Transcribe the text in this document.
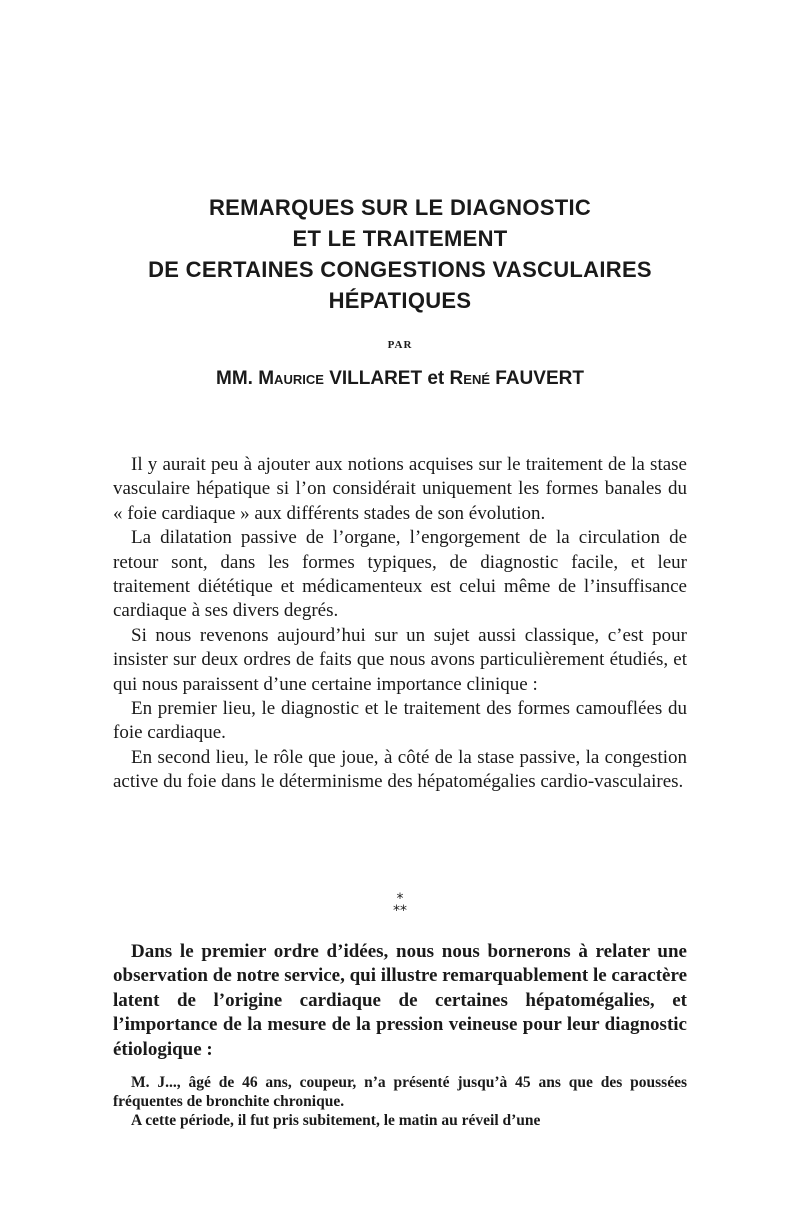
REMARQUES SUR LE DIAGNOSTIC
ET LE TRAITEMENT
DE CERTAINES CONGESTIONS VASCULAIRES
HÉPATIQUES
PAR
MM. Maurice VILLARET et René FAUVERT

Il y aurait peu à ajouter aux notions acquises sur le traitement de la stase vasculaire hépatique si l’on considérait uniquement les formes banales du « foie cardiaque » aux différents stades de son évolution.

La dilatation passive de l’organe, l’engorgement de la circulation de retour sont, dans les formes typiques, de diagnostic facile, et leur traitement diététique et médicamenteux est celui même de l’insuffisance cardiaque à ses divers degrés.

Si nous revenons aujourd’hui sur un sujet aussi classique, c’est pour insister sur deux ordres de faits que nous avons particulièrement étudiés, et qui nous paraissent d’une certaine importance clinique :

En premier lieu, le diagnostic et le traitement des formes camouflées du foie cardiaque.

En second lieu, le rôle que joue, à côté de la stase passive, la congestion active du foie dans le déterminisme des hépatomégalies cardio-vasculaires.

*
**

Dans le premier ordre d’idées, nous nous bornerons à relater une observation de notre service, qui illustre remarquablement le caractère latent de l’origine cardiaque de certaines hépatomégalies, et l’importance de la mesure de la pression veineuse pour leur diagnostic étiologique :

M. J..., âgé de 46 ans, coupeur, n’a présenté jusqu’à 45 ans que des poussées fréquentes de bronchite chronique.

A cette période, il fut pris subitement, le matin au réveil d’une
